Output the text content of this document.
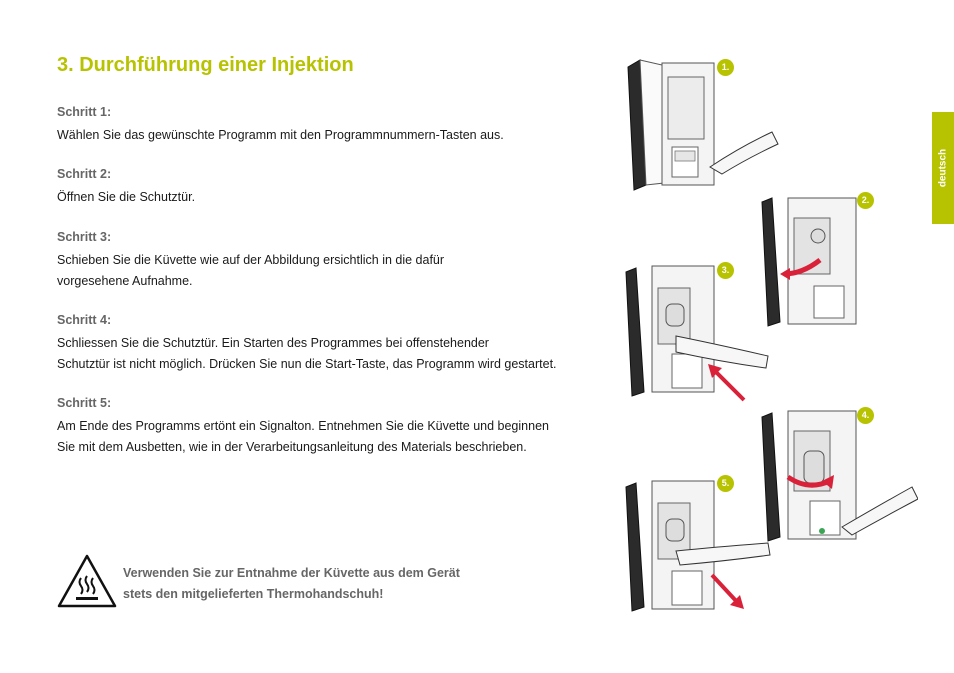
3. Durchführung einer Injektion

Schritt 1:

Wählen Sie das gewünschte Programm mit den Programmnummern-Tasten aus.

Schritt 2:

Öffnen Sie die Schutztür.

Schritt 3:

Schieben Sie die Küvette wie auf der Abbildung ersichtlich in die dafür
vorgesehene Aufnahme.

Schritt 4:

Schliessen Sie die Schutztür. Ein Starten des Programmes bei offenstehender
Schutztür ist nicht möglich. Drücken Sie nun die Start-Taste, das Programm wird gestartet.

Schritt 5:

Am Ende des Programms ertönt ein Signalton. Entnehmen Sie die Küvette und beginnen
Sie mit dem Ausbetten, wie in der Verarbeitungsanleitung des Materials beschrieben.

Verwenden Sie zur Entnahme der Küvette aus dem Gerät
stets den mitgelieferten Thermohandschuh!
deutsch
1.
2.
3.
4.
5.
